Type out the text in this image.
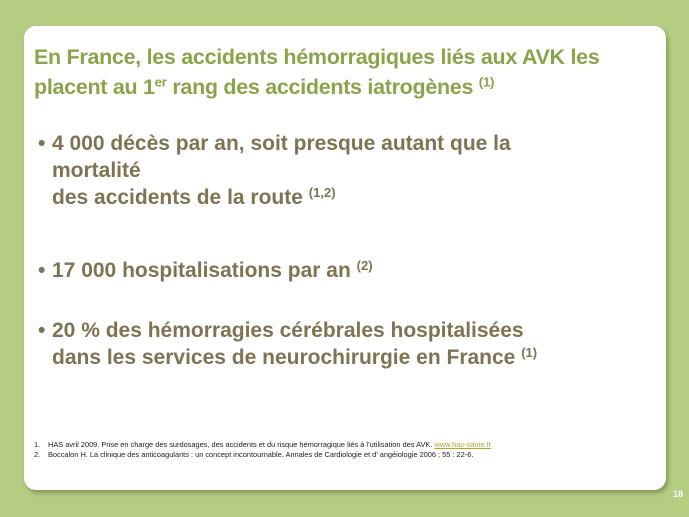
En France, les accidents hémorragiques liés aux AVK les
placent au 1er rang des accidents iatrogènes $^{(1)}$
• 4 000 décès par an, soit presque autant que la
mortalité
des accidents de la route $^{(1,2)}$
• 17 000 hospitalisations par an $^{(2)}$
• 20 % des hémorragies cérébrales hospitalisées
dans les services de neurochirurgie en France $^{(1)}$
1. HAS avril 2009. Prise en charge des surdosages, des accidents et du risque hémorragique liés à l’utilisation des AVK. www.has-sante.fr
2. Boccalon H. La clinique des anticoagulants : un concept incontournable. Annales de Cardiologie et d’ angéiologie 2006 ; 55 : 22-6.
18
